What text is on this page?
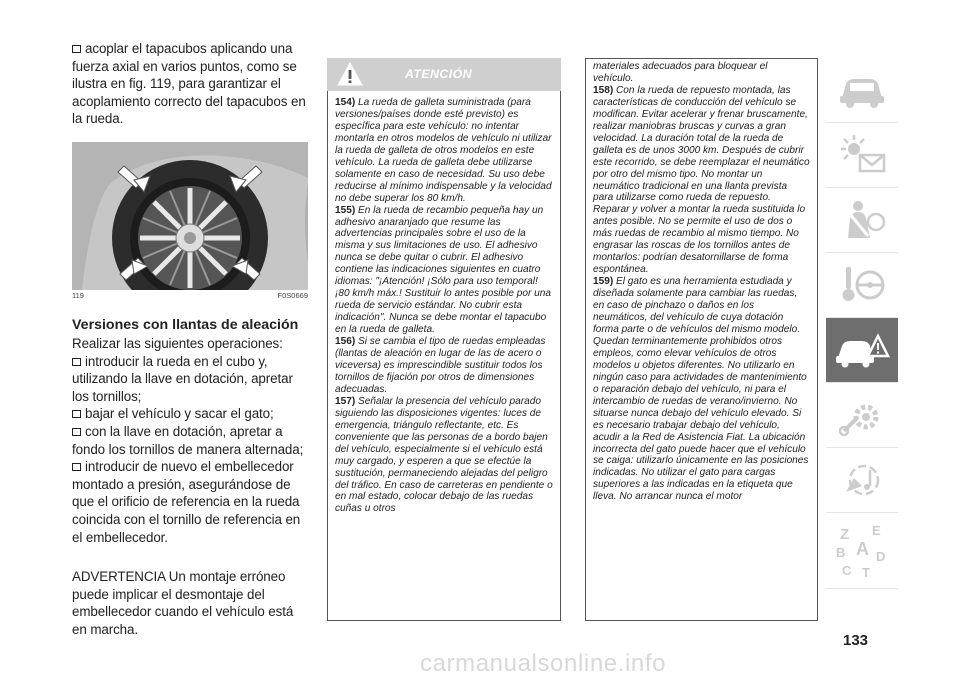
acoplar el tapacubos aplicando una fuerza axial en varios puntos, como se ilustra en fig. 119, para garantizar el acoplamiento correcto del tapacubos en la rueda.

119	F0S0669
Versiones con llantas de aleación

Realizar las siguientes operaciones:

introducir la rueda en el cubo y, utilizando la llave en dotación, apretar los tornillos;

bajar el vehículo y sacar el gato;

con la llave en dotación, apretar a fondo los tornillos de manera alternada;

introducir de nuevo el embellecedor montado a presión, asegurándose de que el orificio de referencia en la rueda coincida con el tornillo de referencia en el embellecedor.

ADVERTENCIA Un montaje erróneo puede implicar el desmontaje del embellecedor cuando el vehículo está en marcha.

ATENCIÓN

154) La rueda de galleta suministrada (para versiones/países donde esté previsto) es específica para este vehículo: no intentar montarla en otros modelos de vehículo ni utilizar la rueda de galleta de otros modelos en este vehículo. La rueda de galleta debe utilizarse solamente en caso de necesidad. Su uso debe reducirse al mínimo indispensable y la velocidad no debe superar los 80 km/h.

155) En la rueda de recambio pequeña hay un adhesivo anaranjado que resume las advertencias principales sobre el uso de la misma y sus limitaciones de uso. El adhesivo nunca se debe quitar o cubrir. El adhesivo contiene las indicaciones siguientes en cuatro idiomas: "¡Atención! ¡Sólo para uso temporal! ¡80 km/h máx.! Sustituir lo antes posible por una rueda de servicio estándar. No cubrir esta indicación". Nunca se debe montar el tapacubo en la rueda de galleta.

156) Si se cambia el tipo de ruedas empleadas (llantas de aleación en lugar de las de acero o viceversa) es imprescindible sustituir todos los tornillos de fijación por otros de dimensiones adecuadas.

157) Señalar la presencia del vehículo parado siguiendo las disposiciones vigentes: luces de emergencia, triángulo reflectante, etc. Es conveniente que las personas de a bordo bajen del vehículo, especialmente si el vehículo está muy cargado, y esperen a que se efectúe la sustitución, permaneciendo alejadas del peligro del tráfico. En caso de carreteras en pendiente o en mal estado, colocar debajo de las ruedas cuñas u otros

materiales adecuados para bloquear el vehículo.

158) Con la rueda de repuesto montada, las características de conducción del vehículo se modifican. Evitar acelerar y frenar bruscamente, realizar maniobras bruscas y curvas a gran velocidad. La duración total de la rueda de galleta es de unos 3000 km. Después de cubrir este recorrido, se debe reemplazar el neumático por otro del mismo tipo. No montar un neumático tradicional en una llanta prevista para utilizarse como rueda de repuesto. Reparar y volver a montar la rueda sustituida lo antes posible. No se permite el uso de dos o más ruedas de recambio al mismo tiempo. No engrasar las roscas de los tornillos antes de montarlos: podrían desatornillarse de forma espontánea.

159) El gato es una herramienta estudiada y diseñada solamente para cambiar las ruedas, en caso de pinchazo o daños en los neumáticos, del vehículo de cuya dotación forma parte o de vehículos del mismo modelo. Quedan terminantemente prohibidos otros empleos, como elevar vehículos de otros modelos u objetos diferentes. No utilizarlo en ningún caso para actividades de mantenimiento o reparación debajo del vehículo, ni para el intercambio de ruedas de verano/invierno. No situarse nunca debajo del vehículo elevado. Si es necesario trabajar debajo del vehículo, acudir a la Red de Asistencia Fiat. La ubicación incorrecta del gato puede hacer que el vehículo se caiga: utilizarlo únicamente en las posiciones indicadas. No utilizar el gato para cargas superiores a las indicadas en la etiqueta que lleva. No arrancar nunca el motor

Z E
B A
C T
D
133
carmanualsonline.info
